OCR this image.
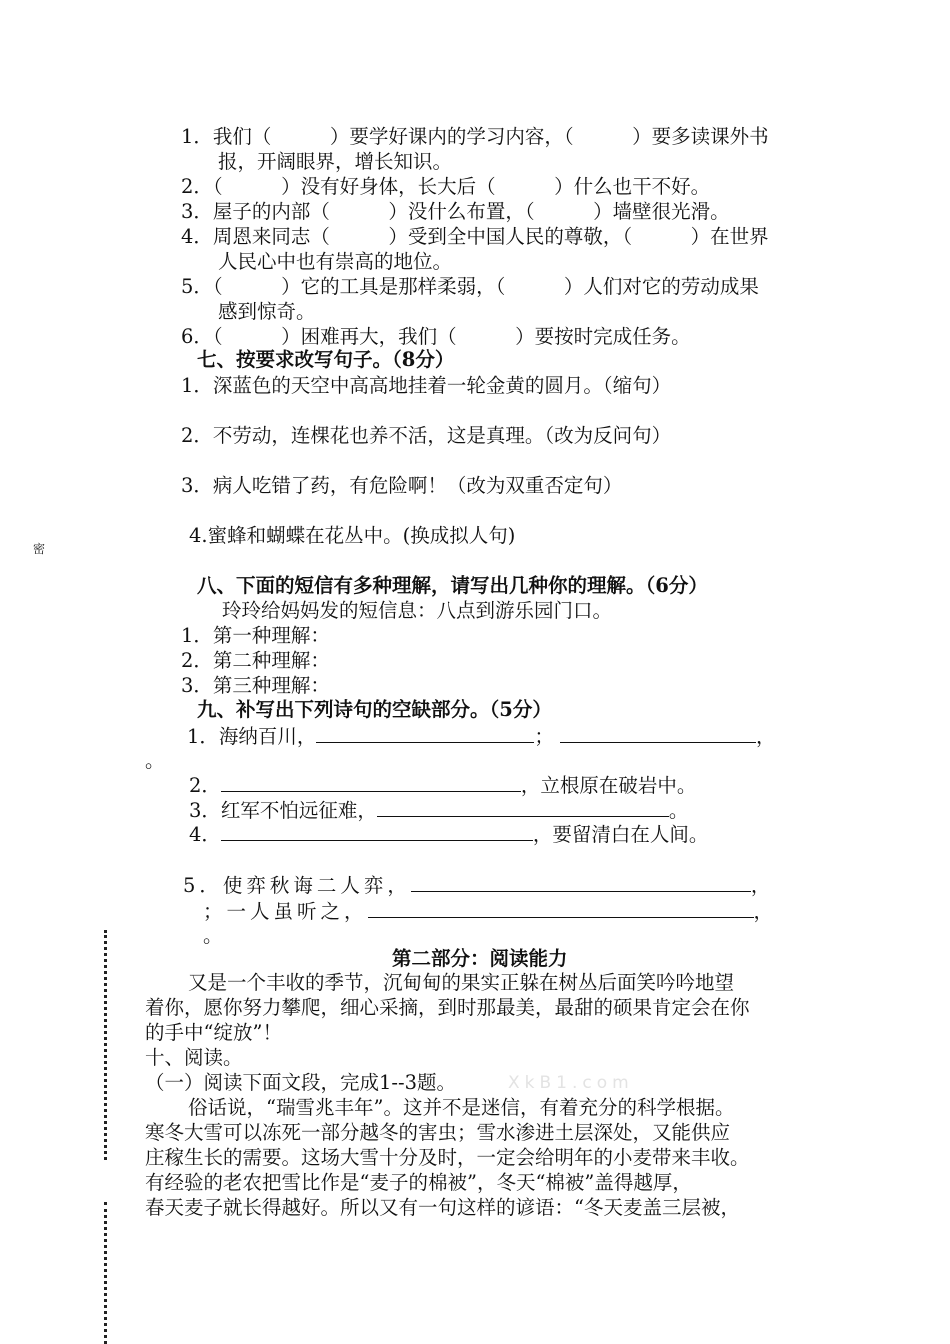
1．我们（　　　）要学好课内的学习内容，（　　　）要多读课外书
报，开阔眼界，增长知识。
2．（　　　）没有好身体，长大后（　　　）什么也干不好。
3．屋子的内部（　　　）没什么布置，（　　　）墙壁很光滑。
4．周恩来同志（　　　）受到全中国人民的尊敬，（　　　）在世界
人民心中也有崇高的地位。
5．（　　　）它的工具是那样柔弱，（　　　）人们对它的劳动成果
感到惊奇。
6．（　　　）困难再大，我们（　　　）要按时完成任务。
七、按要求改写句子。（8分）
1．深蓝色的天空中高高地挂着一轮金黄的圆月。（缩句）
2．不劳动，连棵花也养不活，这是真理。（改为反问句）
3．病人吃错了药，有危险啊！（改为双重否定句）
4.蜜蜂和蝴蝶在花丛中。(换成拟人句)
八、下面的短信有多种理解，请写出几种你的理解。（6分）
玲玲给妈妈发的短信息：八点到游乐园门口。
1．第一种理解：
2．第二种理解：
3．第三种理解：
九、补写出下列诗句的空缺部分。（5分）
1．海纳百川，	；	，
。
2．	，立根原在破岩中。
3．红军不怕远征难，	。
4．	，要留清白在人间。
5．使弈秋诲二人弈，	，
；一人虽听之，	，
。
第二部分：阅读能力
又是一个丰收的季节，沉甸甸的果实正躲在树丛后面笑吟吟地望
着你，愿你努力攀爬，细心采摘，到时那最美，最甜的硕果肯定会在你
的手中“绽放”！
十、阅读。
（一）阅读下面文段，完成1--3题。	XkB1.com
俗话说，“瑞雪兆丰年”。这并不是迷信，有着充分的科学根据。
寒冬大雪可以冻死一部分越冬的害虫；雪水渗进土层深处，又能供应
庄稼生长的需要。这场大雪十分及时，一定会给明年的小麦带来丰收。
有经验的老农把雪比作是“麦子的棉被”，冬天“棉被”盖得越厚，
春天麦子就长得越好。所以又有一句这样的谚语：“冬天麦盖三层被，
密
